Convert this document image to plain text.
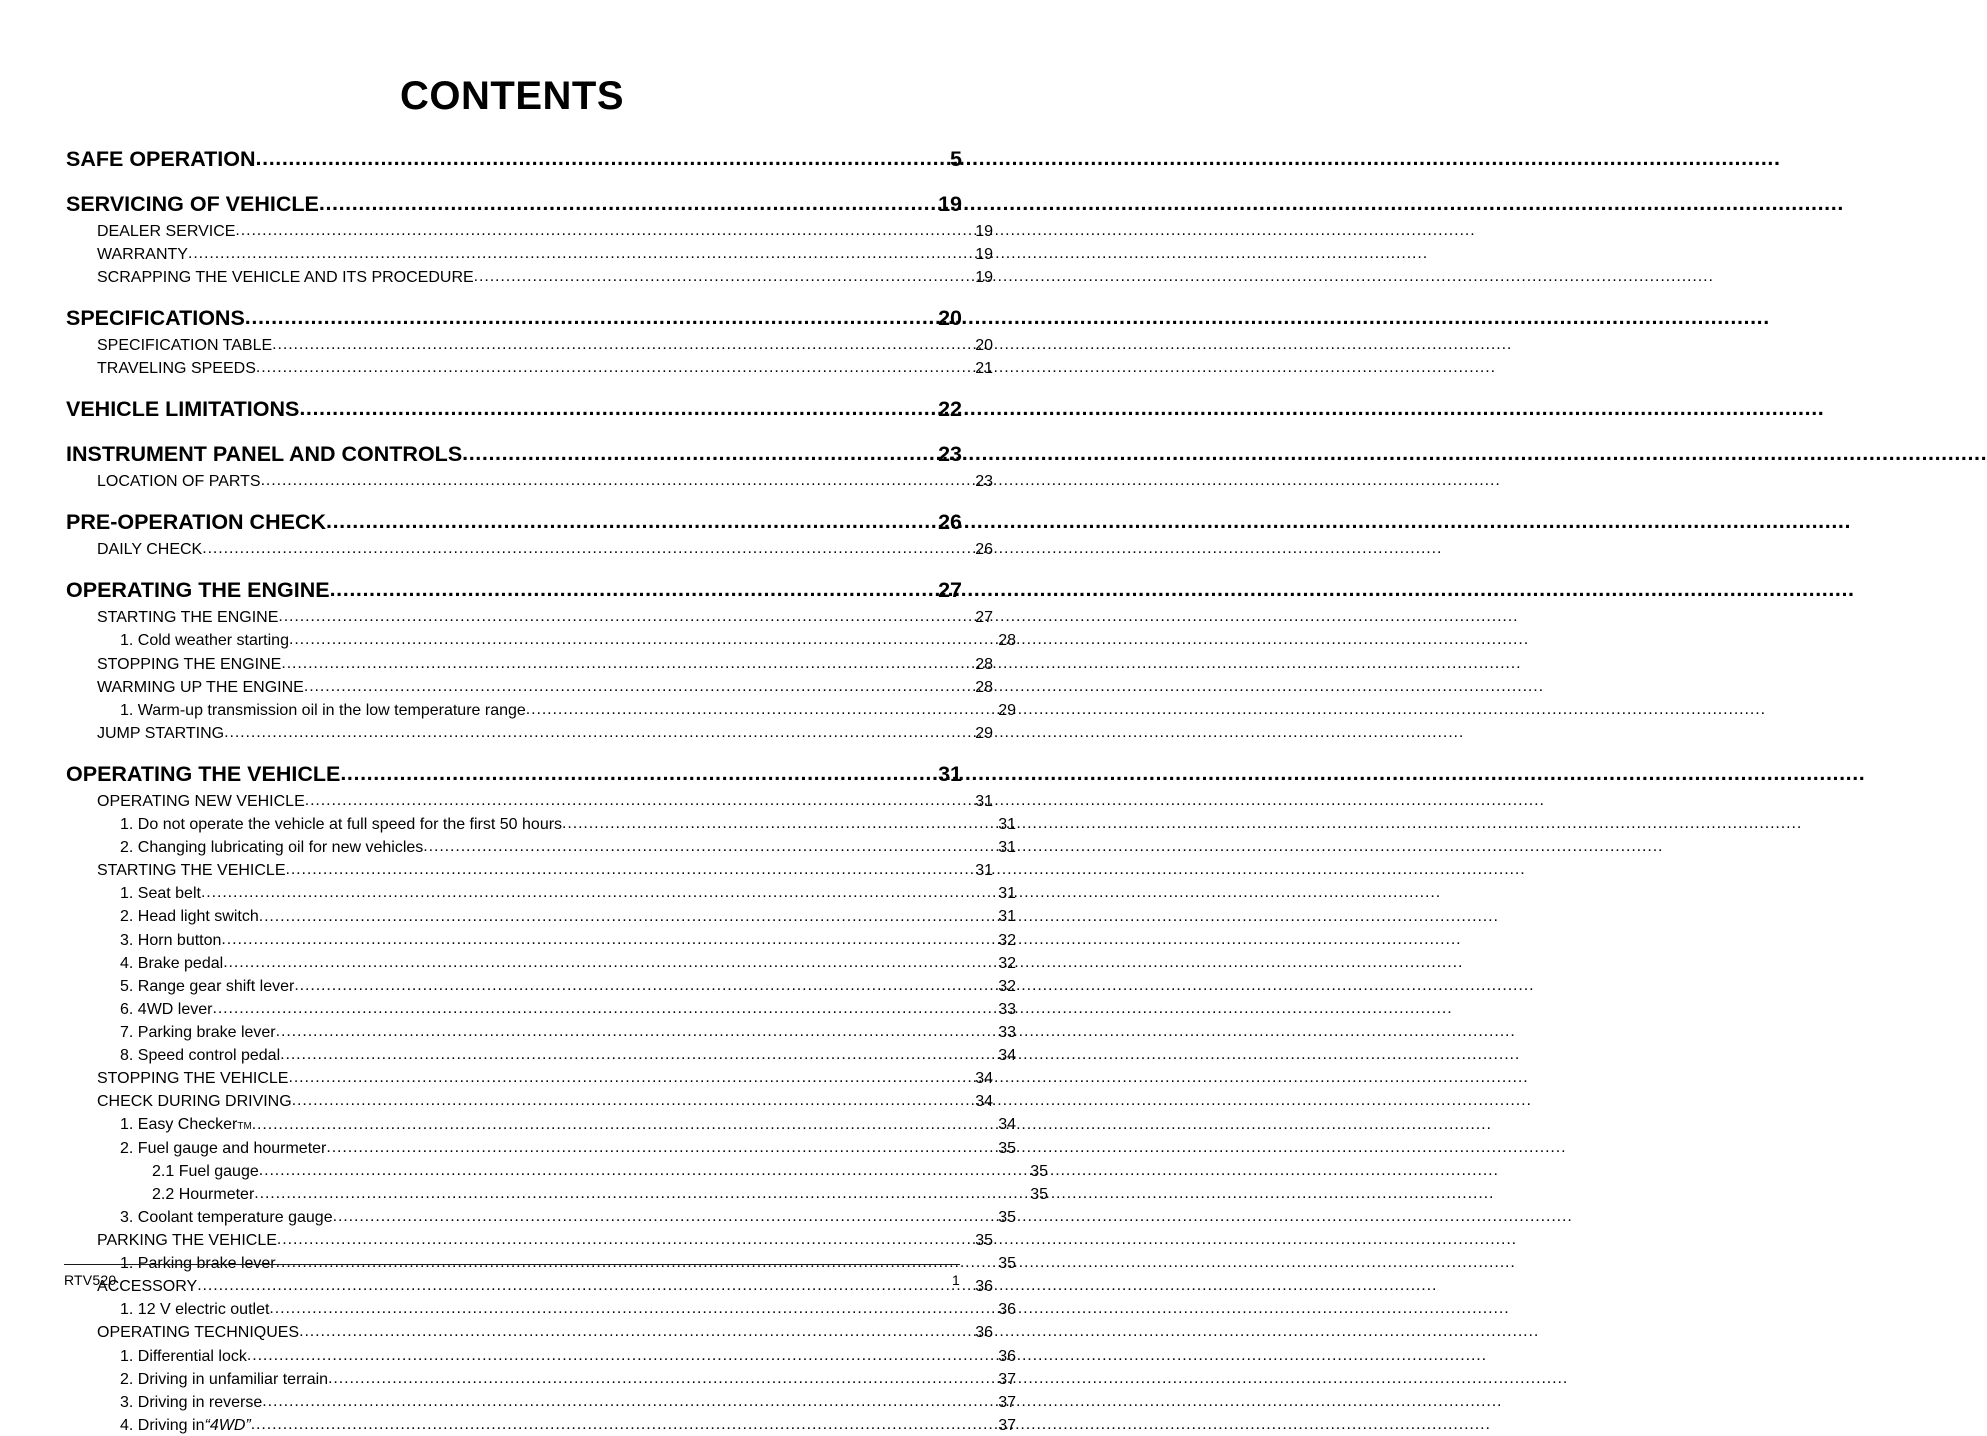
CONTENTS
SAFE OPERATION .....	5
SERVICING OF VEHICLE .....	19
DEALER SERVICE .....	19
WARRANTY .....	19
SCRAPPING THE VEHICLE AND ITS PROCEDURE .....	19
SPECIFICATIONS .....	20
SPECIFICATION TABLE .....	20
TRAVELING SPEEDS .....	21
VEHICLE LIMITATIONS .....	22
INSTRUMENT PANEL AND CONTROLS .....	23
LOCATION OF PARTS .....	23
PRE-OPERATION CHECK .....	26
DAILY CHECK .....	26
OPERATING THE ENGINE .....	27
STARTING THE ENGINE .....	27
1. Cold weather starting .....	28
STOPPING THE ENGINE .....	28
WARMING UP THE ENGINE .....	28
1. Warm-up transmission oil in the low temperature range .....	29
JUMP STARTING .....	29
OPERATING THE VEHICLE .....	31
OPERATING NEW VEHICLE .....	31
1. Do not operate the vehicle at full speed for the first 50 hours .....	31
2. Changing lubricating oil for new vehicles .....	31
STARTING THE VEHICLE .....	31
1. Seat belt .....	31
2. Head light switch .....	31
3. Horn button .....	32
4. Brake pedal .....	32
5. Range gear shift lever .....	32
6. 4WD lever .....	33
7. Parking brake lever .....	33
8. Speed control pedal .....	34
STOPPING THE VEHICLE .....	34
CHECK DURING DRIVING .....	34
1. Easy Checker TM .....	34
2. Fuel gauge and hourmeter .....	35
2.1 Fuel gauge .....	35
2.2 Hourmeter .....	35
3. Coolant temperature gauge .....	35
PARKING THE VEHICLE .....	35
1. Parking brake lever .....	35
ACCESSORY .....	36
1. 12 V electric outlet .....	36
OPERATING TECHNIQUES .....	36
1. Differential lock .....	36
2. Driving in unfamiliar terrain .....	37
3. Driving in reverse .....	37
4. Driving in “4WD” .....	37
RTV520	1
